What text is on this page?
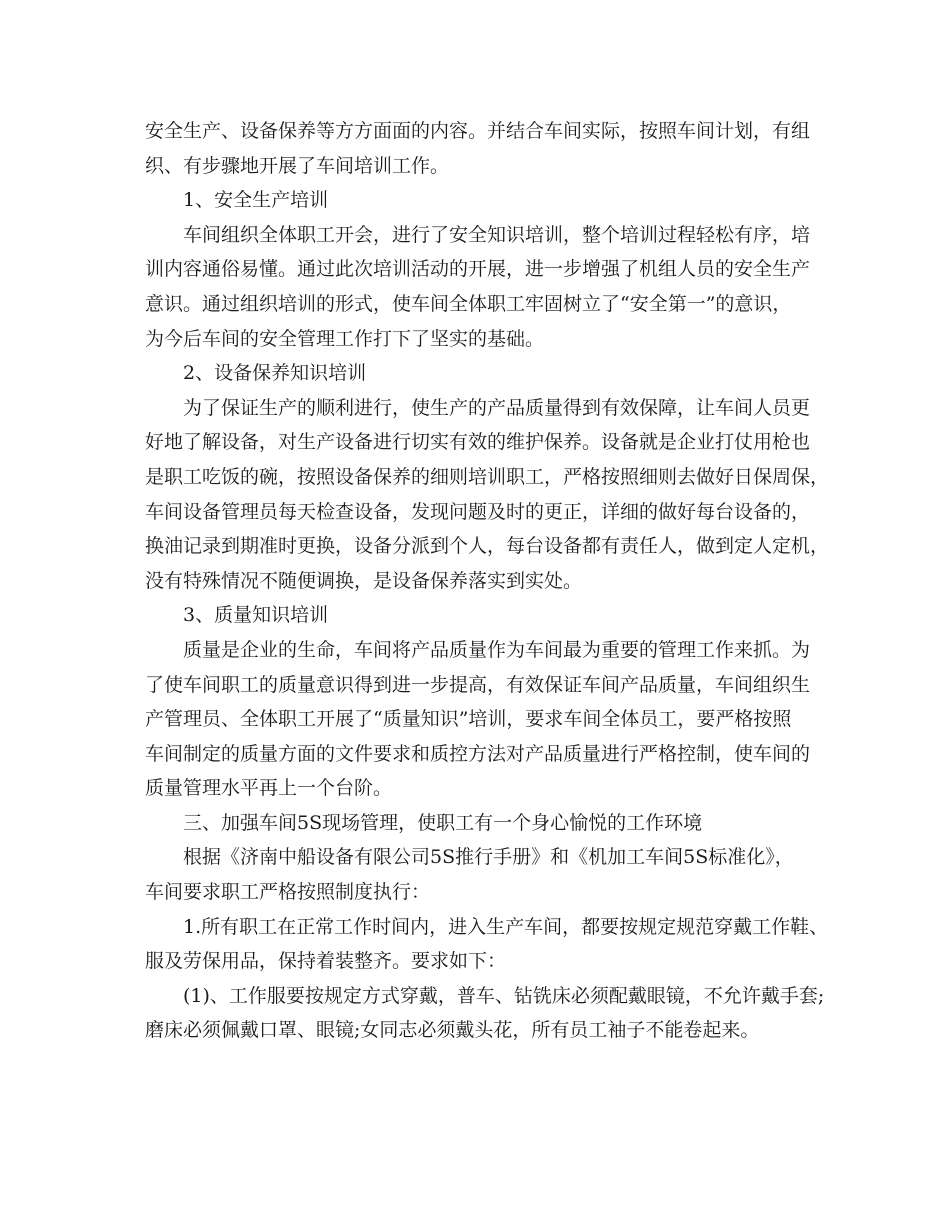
安全生产、设备保养等方方面面的内容。并结合车间实际，按照车间计划，有组
织、有步骤地开展了车间培训工作。
1、安全生产培训
车间组织全体职工开会，进行了安全知识培训，整个培训过程轻松有序，培
训内容通俗易懂。通过此次培训活动的开展，进一步增强了机组人员的安全生产
意识。通过组织培训的形式，使车间全体职工牢固树立了“安全第一”的意识，
为今后车间的安全管理工作打下了坚实的基础。
2、设备保养知识培训
为了保证生产的顺利进行，使生产的产品质量得到有效保障，让车间人员更
好地了解设备，对生产设备进行切实有效的维护保养。设备就是企业打仗用枪也
是职工吃饭的碗，按照设备保养的细则培训职工，严格按照细则去做好日保周保，
车间设备管理员每天检查设备，发现问题及时的更正，详细的做好每台设备的，
换油记录到期准时更换，设备分派到个人，每台设备都有责任人，做到定人定机，
没有特殊情况不随便调换，是设备保养落实到实处。
3、质量知识培训
质量是企业的生命，车间将产品质量作为车间最为重要的管理工作来抓。为
了使车间职工的质量意识得到进一步提高，有效保证车间产品质量，车间组织生
产管理员、全体职工开展了“质量知识”培训，要求车间全体员工，要严格按照
车间制定的质量方面的文件要求和质控方法对产品质量进行严格控制，使车间的
质量管理水平再上一个台阶。
三、加强车间5S现场管理，使职工有一个身心愉悦的工作环境
根据《济南中船设备有限公司5S推行手册》和《机加工车间5S标准化》，
车间要求职工严格按照制度执行：
1.所有职工在正常工作时间内，进入生产车间，都要按规定规范穿戴工作鞋、
服及劳保用品，保持着装整齐。要求如下：
(1)、工作服要按规定方式穿戴，普车、钻铣床必须配戴眼镜，不允许戴手套;
磨床必须佩戴口罩、眼镜;女同志必须戴头花，所有员工袖子不能卷起来。
